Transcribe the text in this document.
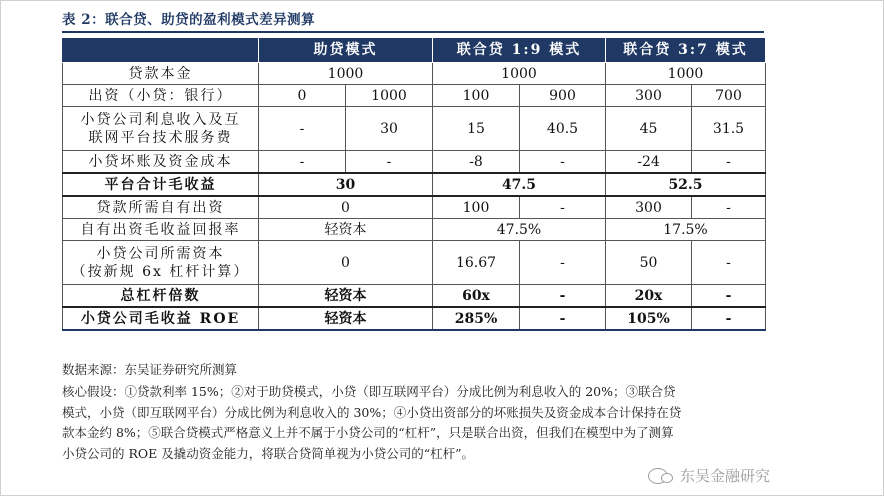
表 2：联合贷、助贷的盈利模式差异测算
	助贷模式		联合贷 1:9 模式		联合贷 3:7 模式	
贷款本金	1000		1000		1000	
出资（小贷：银行）	0	1000	100	900	300	700

小贷公司利息收入及互
联网平台技术服务费	-	30	15	40.5	45	31.5
小贷坏账及资金成本	-	-	-8	-	-24	-
平台合计毛收益	30		47.5		52.5	
贷款所需自有出资	0		100	-	300	-
自有出资毛收益回报率	轻资本		47.5%		17.5%	

小贷公司所需资本
（按新规 6x 杠杆计算）	0		16.67	-	50	-
总杠杆倍数	轻资本		60x	-	20x	-
小贷公司毛收益 ROE	轻资本		285%	-	105%	-
数据来源：东吴证券研究所测算
核心假设：①贷款利率 15%；②对于助贷模式，小贷（即互联网平台）分成比例为利息收入的 20%；③联合贷
模式，小贷（即互联网平台）分成比例为利息收入的 30%；④小贷出资部分的坏账损失及资金成本合计保持在贷
款本金约 8%；⑤联合贷模式严格意义上并不属于小贷公司的“杠杆”，只是联合出资，但我们在模型中为了测算
小贷公司的 ROE 及撬动资金能力，将联合贷简单视为小贷公司的“杠杆”。
东吴金融研究
